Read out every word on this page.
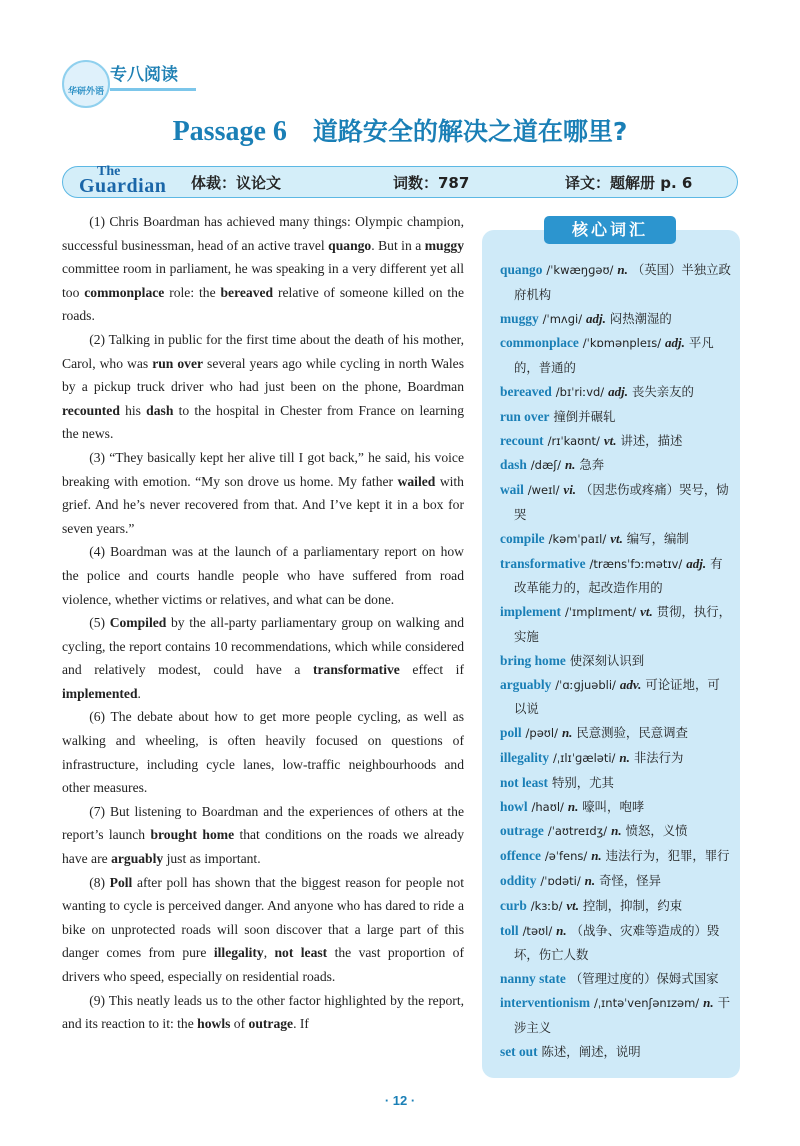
华研外语
专八阅读
Passage 6 道路安全的解决之道在哪里?
The
Guardian 体裁：议论文	词数：787	译文：题解册 p. 6

(1) Chris Boardman has achieved many things: Olympic champion, successful businessman, head of an active travel quango. But in a muggy committee room in parliament, he was speaking in a very different yet all too commonplace role: the bereaved relative of someone killed on the roads.

(2) Talking in public for the first time about the death of his mother, Carol, who was run over several years ago while cycling in north Wales by a pickup truck driver who had just been on the phone, Boardman recounted his dash to the hospital in Chester from France on learning the news.

(3) “They basically kept her alive till I got back,” he said, his voice breaking with emotion. “My son drove us home. My father wailed with grief. And he’s never recovered from that. And I’ve kept it in a box for seven years.”

(4) Boardman was at the launch of a parliamentary report on how the police and courts handle people who have suffered from road violence, whether victims or relatives, and what can be done.

(5) Compiled by the all-party parliamentary group on walking and cycling, the report contains 10 recommendations, which while considered and relatively modest, could have a transformative effect if implemented.

(6) The debate about how to get more people cycling, as well as walking and wheeling, is often heavily focused on questions of infrastructure, including cycle lanes, low-traffic neighbourhoods and other measures.

(7) But listening to Boardman and the experiences of others at the report’s launch brought home that conditions on the roads we already have are arguably just as important.

(8) Poll after poll has shown that the biggest reason for people not wanting to cycle is perceived danger. And anyone who has dared to ride a bike on unprotected roads will soon discover that a large part of this danger comes from pure illegality, not least the vast proportion of drivers who speed, especially on residential roads.

(9) This neatly leads us to the other factor highlighted by the report, and its reaction to it: the howls of outrage. If

核心词汇
quango /ˈkwæŋɡəʊ/ n. （英国）半独立政府机构
muggy /ˈmʌɡi/ adj. 闷热潮湿的
commonplace /ˈkɒmənpleɪs/ adj. 平凡的，普通的
bereaved /bɪˈriːvd/ adj. 丧失亲友的
run over 撞倒并碾轧
recount /rɪˈkaʊnt/ vt. 讲述，描述
dash /dæʃ/ n. 急奔
wail /weɪl/ vi. （因悲伤或疼痛）哭号，恸哭
compile /kəmˈpaɪl/ vt. 编写，编制
transformative /trænsˈfɔːmətɪv/ adj. 有改革能力的，起改造作用的
implement /ˈɪmplɪment/ vt. 贯彻，执行，实施
bring home 使深刻认识到
arguably /ˈɑːɡjuəbli/ adv. 可论证地，可以说
poll /pəʊl/ n. 民意测验，民意调查
illegality /ˌɪlɪˈɡæləti/ n. 非法行为
not least 特别，尤其
howl /haʊl/ n. 嚎叫，咆哮
outrage /ˈaʊtreɪdʒ/ n. 愤怒，义愤
offence /əˈfens/ n. 违法行为，犯罪，罪行
oddity /ˈɒdəti/ n. 奇怪，怪异
curb /kɜːb/ vt. 控制，抑制，约束
toll /təʊl/ n. （战争、灾难等造成的）毁坏，伤亡人数
nanny state （管理过度的）保姆式国家
interventionism /ˌɪntəˈvenʃənɪzəm/ n. 干涉主义
set out 陈述，阐述，说明
· 12 ·
